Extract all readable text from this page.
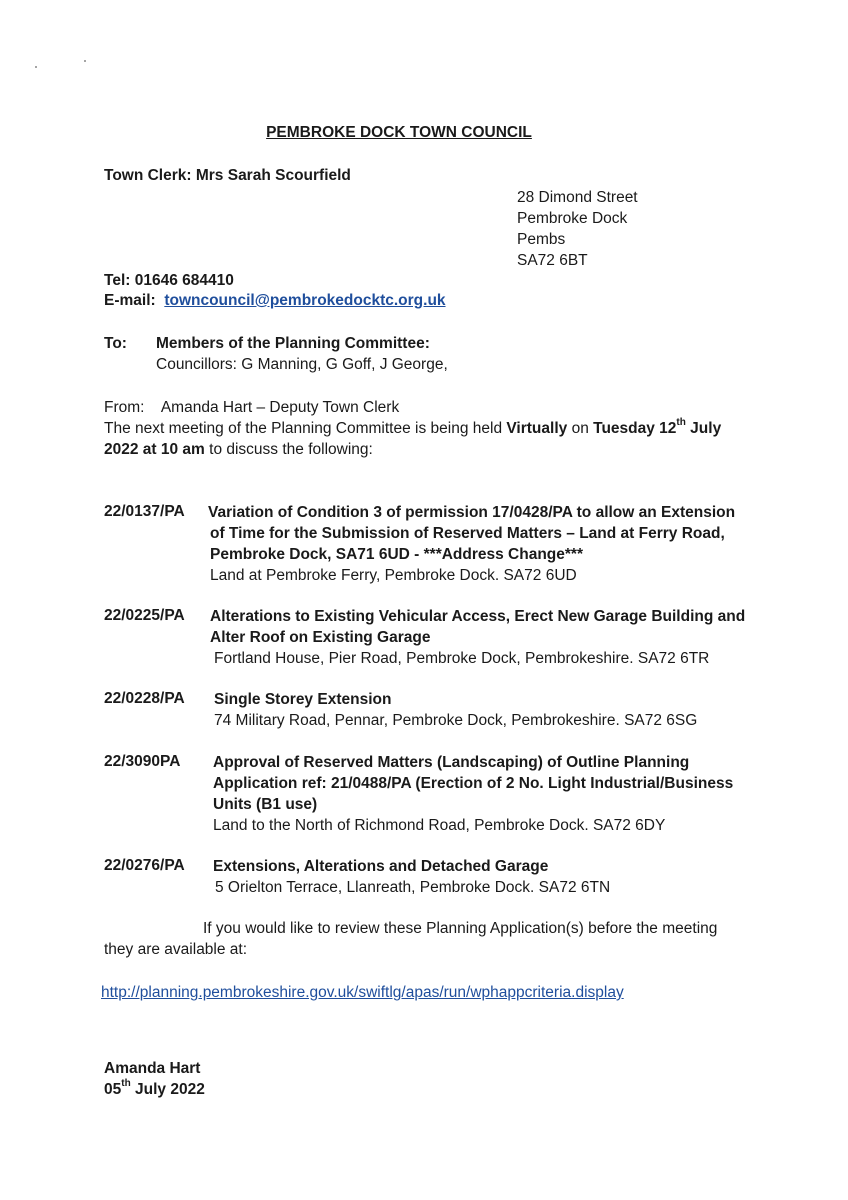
PEMBROKE DOCK TOWN COUNCIL
Town Clerk: Mrs Sarah Scourfield
28 Dimond Street
Pembroke Dock
Pembs
SA72 6BT
Tel: 01646 684410
E-mail: towncouncil@pembrokedocktc.org.uk
To: Members of the Planning Committee:
Councillors: G Manning, G Goff, J George,
From: Amanda Hart – Deputy Town Clerk
The next meeting of the Planning Committee is being held Virtually on Tuesday 12th July
2022 at 10 am to discuss the following:
22/0137/PA Variation of Condition 3 of permission 17/0428/PA to allow an Extension
of Time for the Submission of Reserved Matters – Land at Ferry Road,
Pembroke Dock, SA71 6UD - ***Address Change***
Land at Pembroke Ferry, Pembroke Dock. SA72 6UD
22/0225/PA Alterations to Existing Vehicular Access, Erect New Garage Building and
Alter Roof on Existing Garage
Fortland House, Pier Road, Pembroke Dock, Pembrokeshire. SA72 6TR
22/0228/PA Single Storey Extension
74 Military Road, Pennar, Pembroke Dock, Pembrokeshire. SA72 6SG
22/3090PA Approval of Reserved Matters (Landscaping) of Outline Planning
Application ref: 21/0488/PA (Erection of 2 No. Light Industrial/Business
Units (B1 use)
Land to the North of Richmond Road, Pembroke Dock. SA72 6DY
22/0276/PA Extensions, Alterations and Detached Garage
5 Orielton Terrace, Llanreath, Pembroke Dock. SA72 6TN
If you would like to review these Planning Application(s) before the meeting
they are available at:
http://planning.pembrokeshire.gov.uk/swiftlg/apas/run/wphappcriteria.display
Amanda Hart
05th July 2022
